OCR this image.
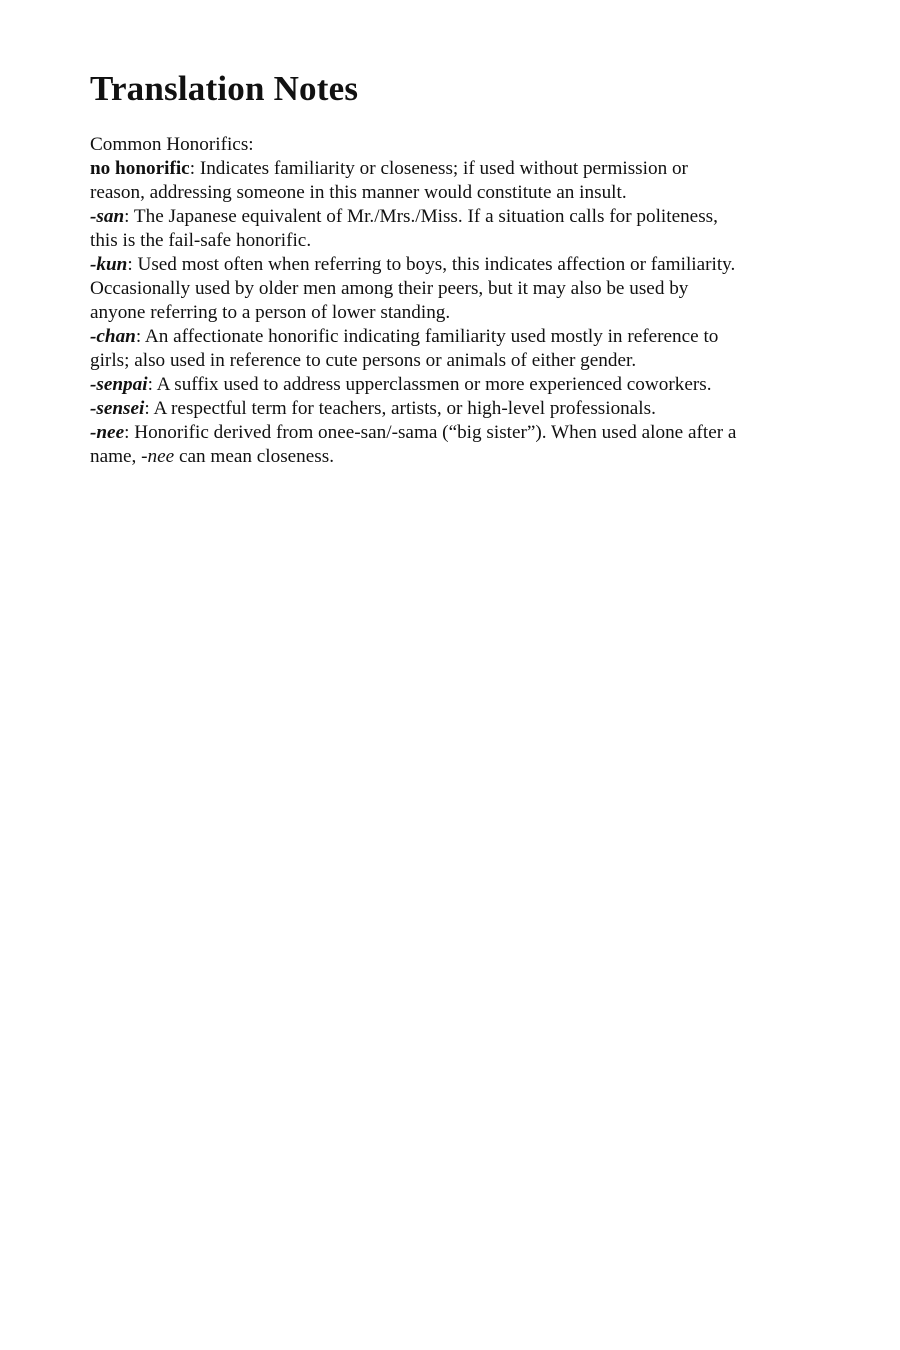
Translation Notes

Common Honorifics:

no honorific: Indicates familiarity or closeness; if used without permission or reason, addressing someone in this manner would constitute an insult.

-san: The Japanese equivalent of Mr./Mrs./Miss. If a situation calls for politeness, this is the fail-safe honorific.

-kun: Used most often when referring to boys, this indicates affection or familiarity. Occasionally used by older men among their peers, but it may also be used by anyone referring to a person of lower standing.

-chan: An affectionate honorific indicating familiarity used mostly in reference to girls; also used in reference to cute persons or animals of either gender.

-senpai: A suffix used to address upperclassmen or more experienced coworkers.

-sensei: A respectful term for teachers, artists, or high-level professionals.

-nee: Honorific derived from onee-san/-sama (“big sister”). When used alone after a name, -nee can mean closeness.
